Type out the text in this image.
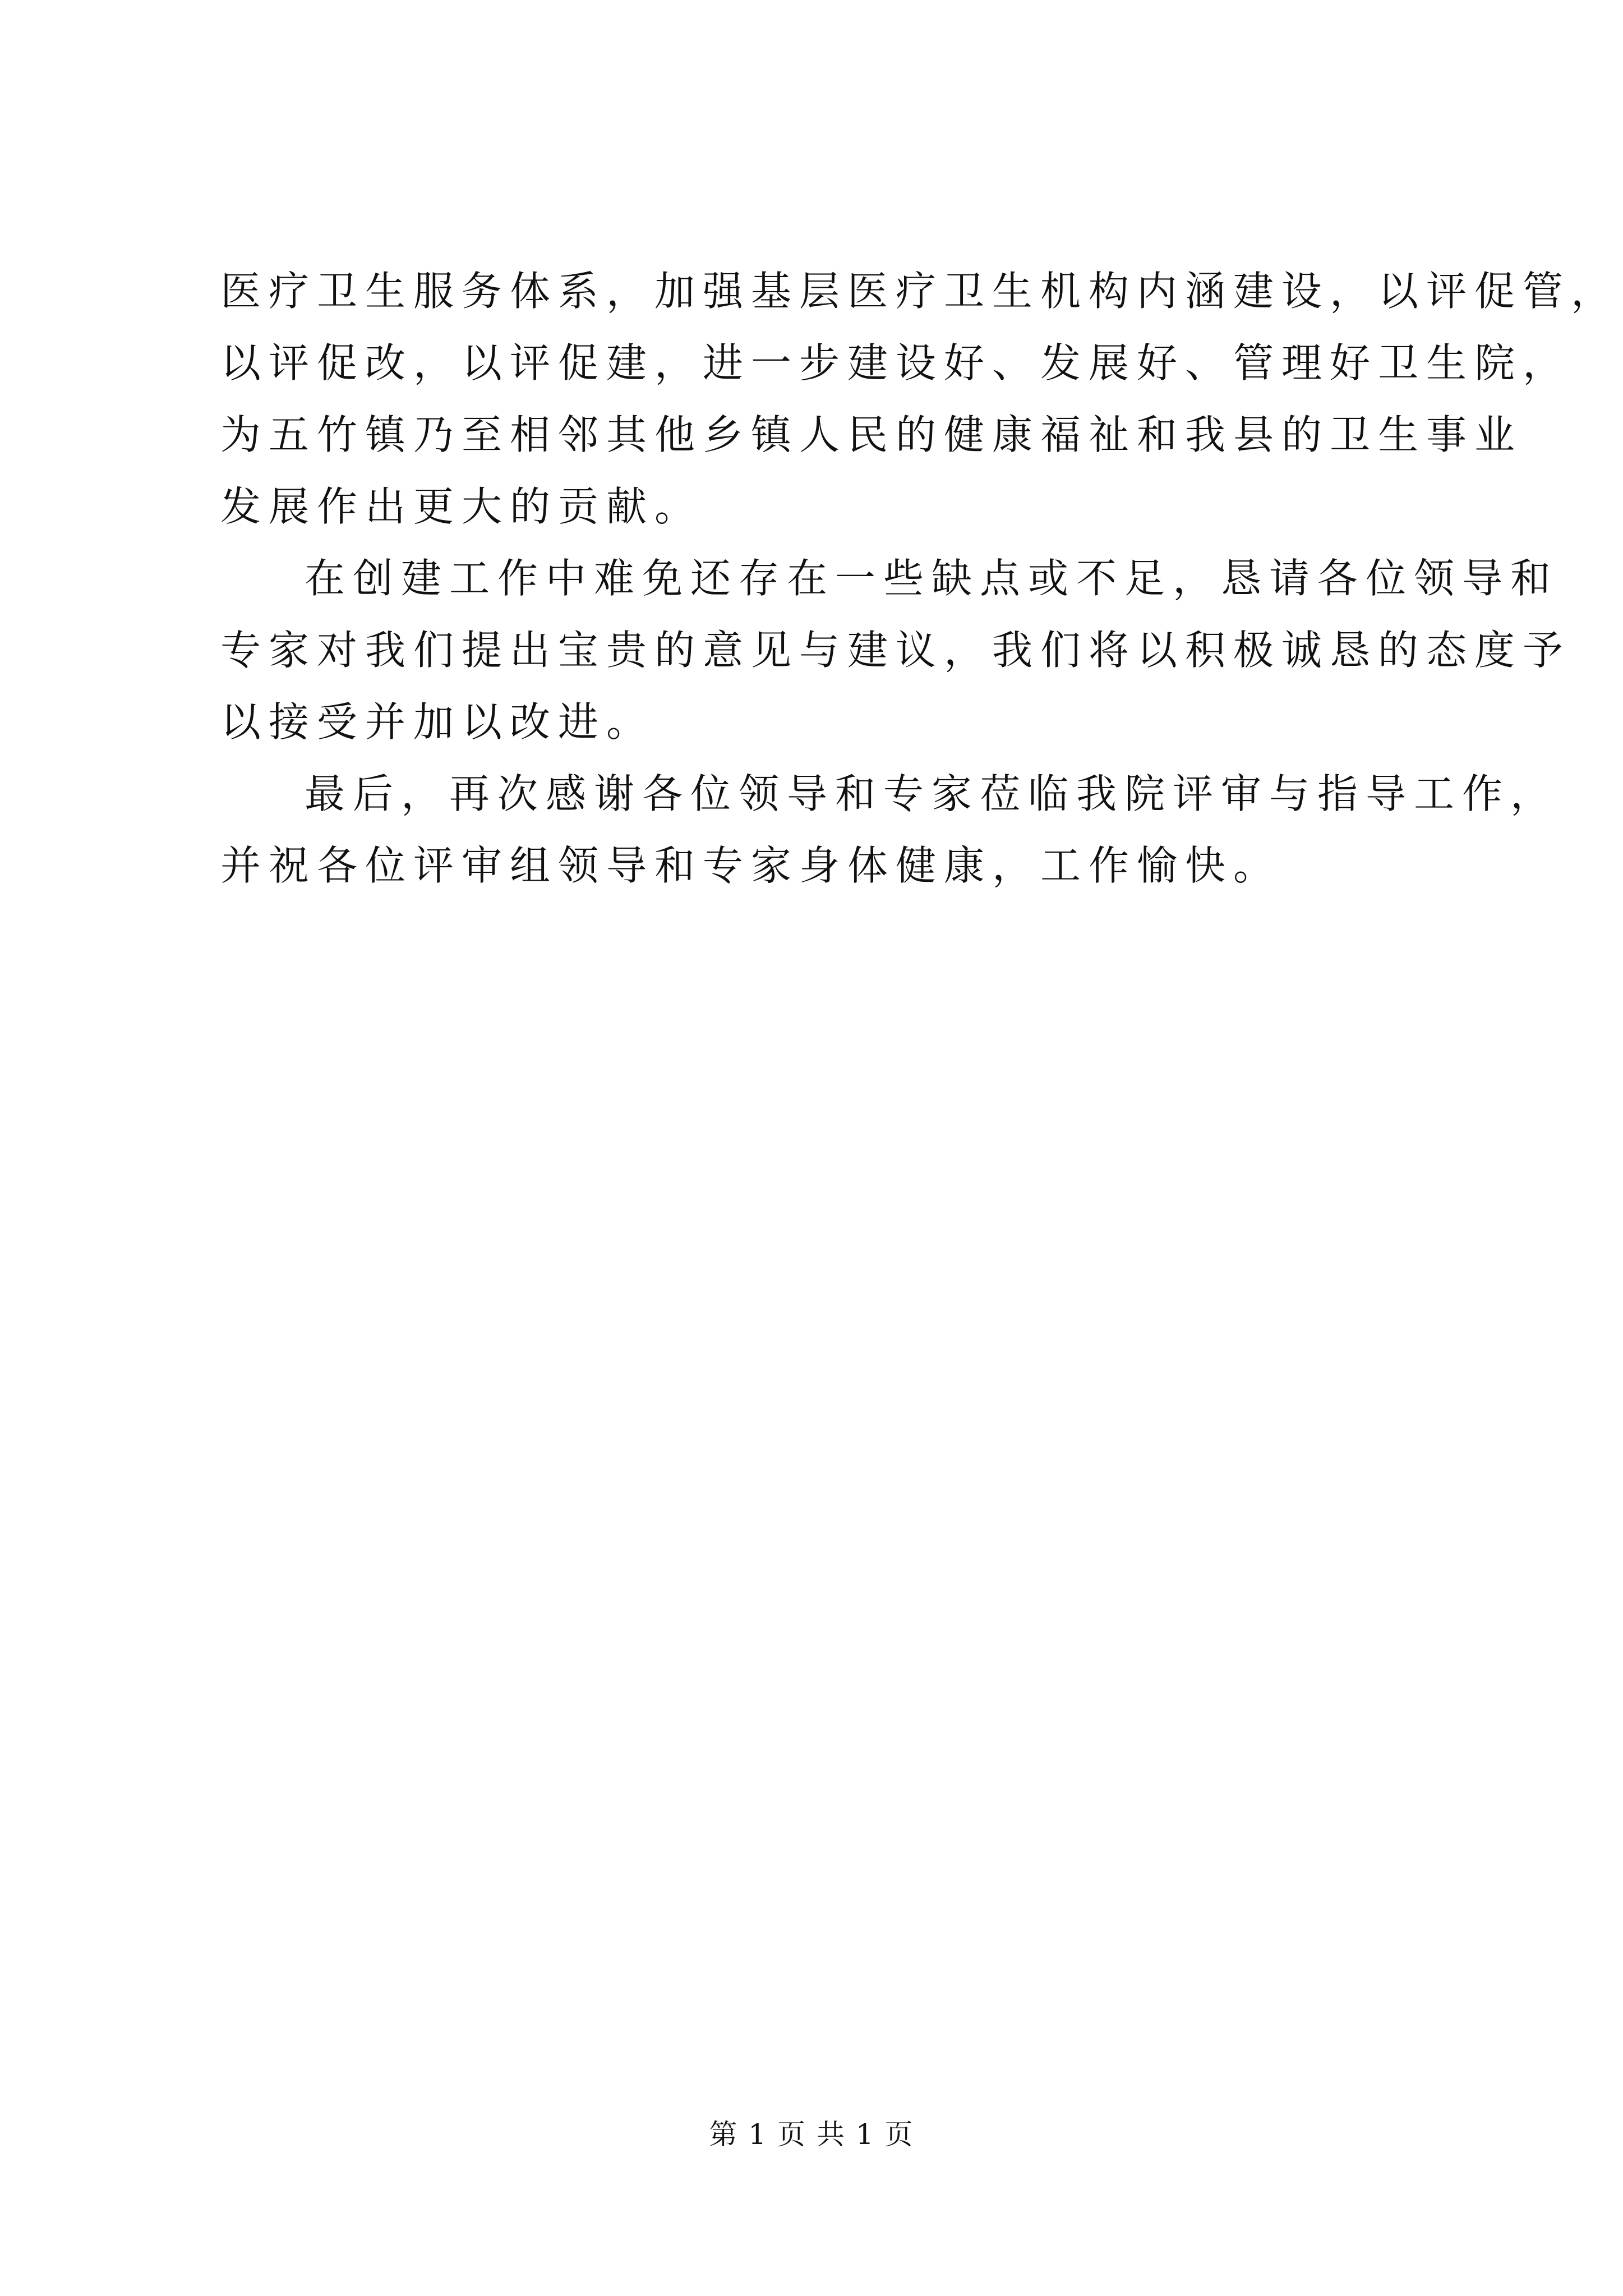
医疗卫生服务体系，加强基层医疗卫生机构内涵建设，以评促管，
以评促改，以评促建，进一步建设好、发展好、管理好卫生院，
为五竹镇乃至相邻其他乡镇人民的健康福祉和我县的卫生事业
发展作出更大的贡献。
在创建工作中难免还存在一些缺点或不足，恳请各位领导和
专家对我们提出宝贵的意见与建议，我们将以积极诚恳的态度予
以接受并加以改进。
最后，再次感谢各位领导和专家莅临我院评审与指导工作，
并祝各位评审组领导和专家身体健康，工作愉快。
第 1 页 共 1 页
